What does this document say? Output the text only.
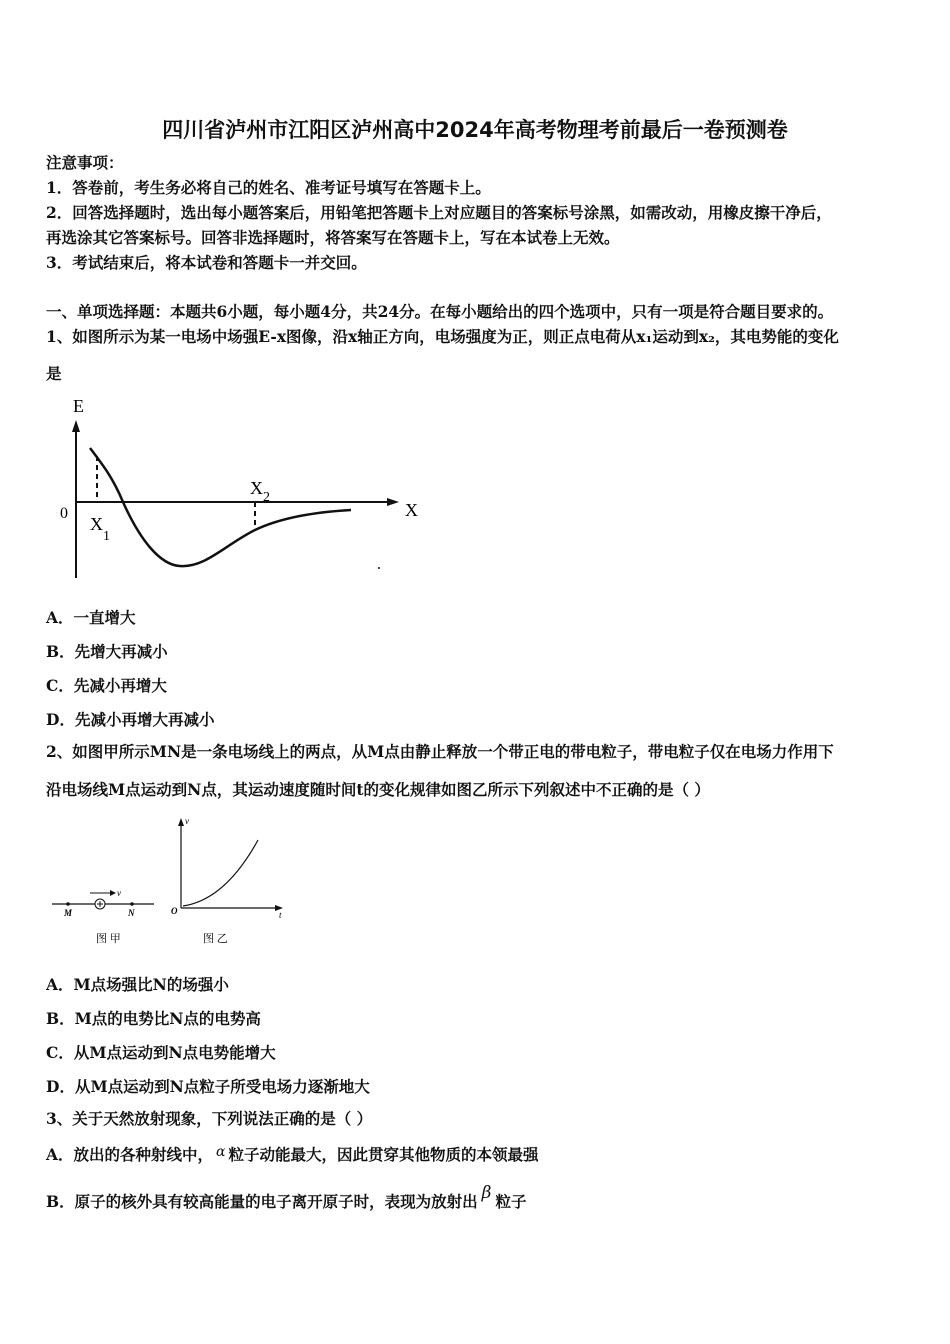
四川省泸州市江阳区泸州高中2024年高考物理考前最后一卷预测卷
注意事项：
1．答卷前，考生务必将自己的姓名、准考证号填写在答题卡上。
2．回答选择题时，选出每小题答案后，用铅笔把答题卡上对应题目的答案标号涂黑，如需改动，用橡皮擦干净后，
再选涂其它答案标号。回答非选择题时，将答案写在答题卡上，写在本试卷上无效。
3．考试结束后，将本试卷和答题卡一并交回。
一、单项选择题：本题共6小题，每小题4分，共24分。在每小题给出的四个选项中，只有一项是符合题目要求的。
1、如图所示为某一电场中场强E-x图像，沿x轴正方向，电场强度为正，则正点电荷从x₁运动到x₂，其电势能的变化
是
E
X
0
X
1
X 2
A．一直增大
B．先增大再减小
C．先减小再增大
D．先减小再增大再减小
2、如图甲所示MN是一条电场线上的两点，从M点由静止释放一个带正电的带电粒子，带电粒子仅在电场力作用下
沿电场线M点运动到N点，其运动速度随时间t的变化规律如图乙所示下列叙述中不正确的是（ ）
v
M	N
图 甲
v
t
O
图 乙
A．M点场强比N的场强小
B．M点的电势比N点的电势高
C．从M点运动到N点电势能增大
D．从M点运动到N点粒子所受电场力逐渐地大
3、关于天然放射现象，下列说法正确的是（ ）
A．放出的各种射线中， α 粒子动能最大，因此贯穿其他物质的本领最强
B．原子的核外具有较高能量的电子离开原子时，表现为放射出 β 粒子
